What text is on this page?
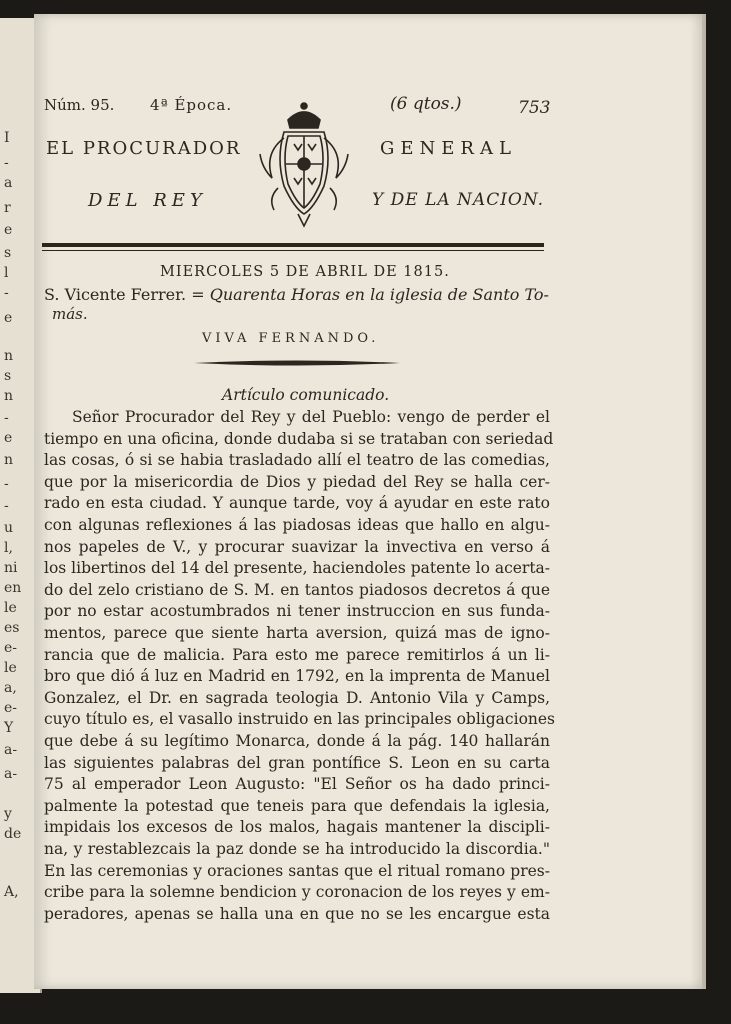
I
-
a
r
e
s
l
-
e
n
s
n
-
e
n
-
-
u
l,
ni
en
le
es
e-
le
a,
e-
Y
a-
a-
y
de
A,
Núm. 95. 4ª Época.	(6 qtos.)	753
EL PROCURADOR	GENERAL
DEL REY	Y DE LA NACION.
MIERCOLES 5 DE ABRIL DE 1815.
S. Vicente Ferrer. = Quarenta Horas en la iglesia de Santo To-
más.
VIVA FERNANDO.
Artículo comunicado.
Señor Procurador del Rey y del Pueblo: vengo de perder el
tiempo en una oficina, donde dudaba si se trataban con seriedad
las cosas, ó si se habia trasladado allí el teatro de las comedias,
que por la misericordia de Dios y piedad del Rey se halla cer-
rado en esta ciudad. Y aunque tarde, voy á ayudar en este rato
con algunas reflexiones á las piadosas ideas que hallo en algu-
nos papeles de V., y procurar suavizar la invectiva en verso á
los libertinos del 14 del presente, haciendoles patente lo acerta-
do del zelo cristiano de S. M. en tantos piadosos decretos á que
por no estar acostumbrados ni tener instruccion en sus funda-
mentos, parece que siente harta aversion, quizá mas de igno-
rancia que de malicia. Para esto me parece remitirlos á un li-
bro que dió á luz en Madrid en 1792, en la imprenta de Manuel
Gonzalez, el Dr. en sagrada teologia D. Antonio Vila y Camps,
cuyo título es, el vasallo instruido en las principales obligaciones
que debe á su legítimo Monarca, donde á la pág. 140 hallarán
las siguientes palabras del gran pontífice S. Leon en su carta
75 al emperador Leon Augusto: "El Señor os ha dado princi-
palmente la potestad que teneis para que defendais la iglesia,
impidais los excesos de los malos, hagais mantener la discipli-
na, y restablezcais la paz donde se ha introducido la discordia."
En las ceremonias y oraciones santas que el ritual romano pres-
cribe para la solemne bendicion y coronacion de los reyes y em-
peradores, apenas se halla una en que no se les encargue esta
